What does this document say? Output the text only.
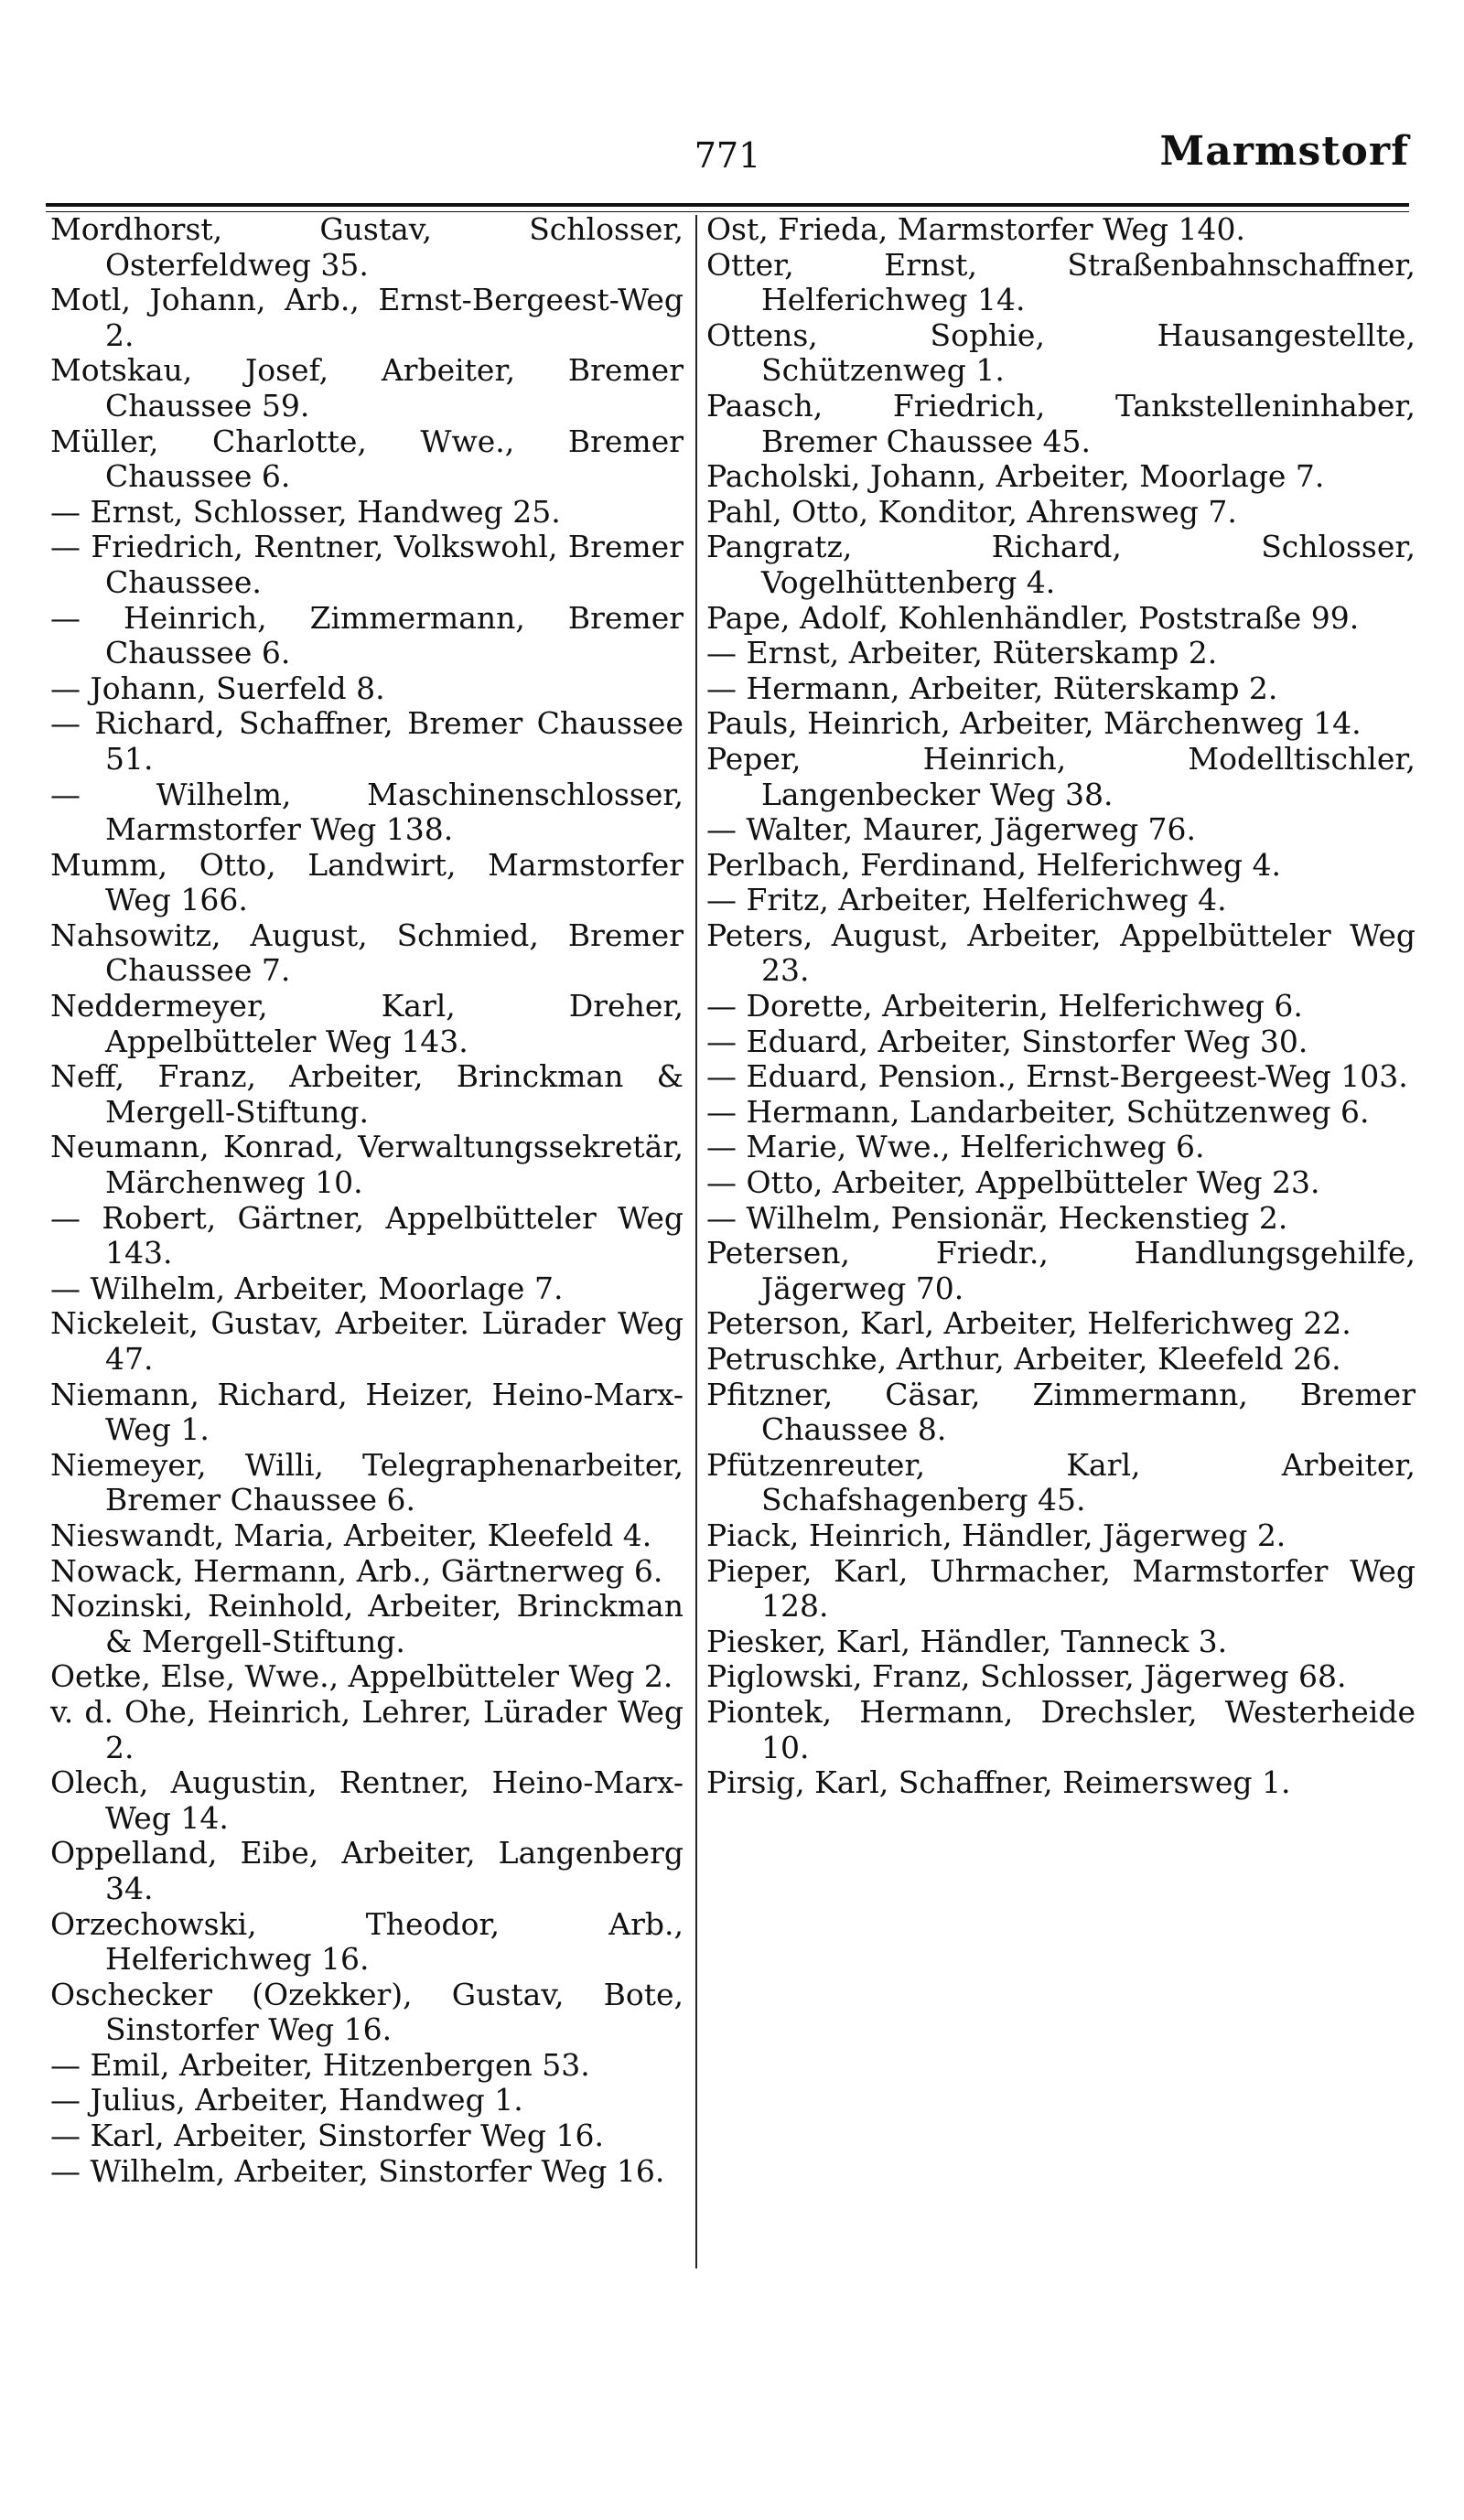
771	Marmstorf
Mordhorst, Gustav, Schlosser, Osterfeldweg 35.
Motl, Johann, Arb., Ernst-Bergeest-Weg 2.
Motskau, Josef, Arbeiter, Bremer Chaussee 59.
Müller, Charlotte, Wwe., Bremer Chaussee 6.
— Ernst, Schlosser, Handweg 25.
— Friedrich, Rentner, Volkswohl, Bremer Chaussee.
— Heinrich, Zimmermann, Bremer Chaussee 6.
— Johann, Suerfeld 8.
— Richard, Schaffner, Bremer Chaussee 51.
— Wilhelm, Maschinenschlosser, Marmstorfer Weg 138.
Mumm, Otto, Landwirt, Marmstorfer Weg 166.
Nahsowitz, August, Schmied, Bremer Chaussee 7.
Neddermeyer, Karl, Dreher, Appelbütteler Weg 143.
Neff, Franz, Arbeiter, Brinckman & Mergell-Stiftung.
Neumann, Konrad, Verwaltungssekretär, Märchenweg 10.
— Robert, Gärtner, Appelbütteler Weg 143.
— Wilhelm, Arbeiter, Moorlage 7.
Nickeleit, Gustav, Arbeiter. Lürader Weg 47.
Niemann, Richard, Heizer, Heino-Marx-Weg 1.
Niemeyer, Willi, Telegraphenarbeiter, Bremer Chaussee 6.
Nieswandt, Maria, Arbeiter, Kleefeld 4.
Nowack, Hermann, Arb., Gärtnerweg 6.
Nozinski, Reinhold, Arbeiter, Brinckman & Mergell-Stiftung.
Oetke, Else, Wwe., Appelbütteler Weg 2.
v. d. Ohe, Heinrich, Lehrer, Lürader Weg 2.
Olech, Augustin, Rentner, Heino-Marx-Weg 14.
Oppelland, Eibe, Arbeiter, Langenberg 34.
Orzechowski, Theodor, Arb., Helferichweg 16.
Oschecker (Ozekker), Gustav, Bote, Sinstorfer Weg 16.
— Emil, Arbeiter, Hitzenbergen 53.
— Julius, Arbeiter, Handweg 1.
— Karl, Arbeiter, Sinstorfer Weg 16.
— Wilhelm, Arbeiter, Sinstorfer Weg 16.
Ost, Frieda, Marmstorfer Weg 140.
Otter, Ernst, Straßenbahnschaffner, Helferichweg 14.
Ottens, Sophie, Hausangestellte, Schützenweg 1.
Paasch, Friedrich, Tankstelleninhaber, Bremer Chaussee 45.
Pacholski, Johann, Arbeiter, Moorlage 7.
Pahl, Otto, Konditor, Ahrensweg 7.
Pangratz, Richard, Schlosser, Vogelhüttenberg 4.
Pape, Adolf, Kohlenhändler, Poststraße 99.
— Ernst, Arbeiter, Rüterskamp 2.
— Hermann, Arbeiter, Rüterskamp 2.
Pauls, Heinrich, Arbeiter, Märchenweg 14.
Peper, Heinrich, Modelltischler, Langenbecker Weg 38.
— Walter, Maurer, Jägerweg 76.
Perlbach, Ferdinand, Helferichweg 4.
— Fritz, Arbeiter, Helferichweg 4.
Peters, August, Arbeiter, Appelbütteler Weg 23.
— Dorette, Arbeiterin, Helferichweg 6.
— Eduard, Arbeiter, Sinstorfer Weg 30.
— Eduard, Pension., Ernst-Bergeest-Weg 103.
— Hermann, Landarbeiter, Schützenweg 6.
— Marie, Wwe., Helferichweg 6.
— Otto, Arbeiter, Appelbütteler Weg 23.
— Wilhelm, Pensionär, Heckenstieg 2.
Petersen, Friedr., Handlungsgehilfe, Jägerweg 70.
Peterson, Karl, Arbeiter, Helferichweg 22.
Petruschke, Arthur, Arbeiter, Kleefeld 26.
Pfitzner, Cäsar, Zimmermann, Bremer Chaussee 8.
Pfützenreuter, Karl, Arbeiter, Schafshagenberg 45.
Piack, Heinrich, Händler, Jägerweg 2.
Pieper, Karl, Uhrmacher, Marmstorfer Weg 128.
Piesker, Karl, Händler, Tanneck 3.
Piglowski, Franz, Schlosser, Jägerweg 68.
Piontek, Hermann, Drechsler, Westerheide 10.
Pirsig, Karl, Schaffner, Reimersweg 1.
